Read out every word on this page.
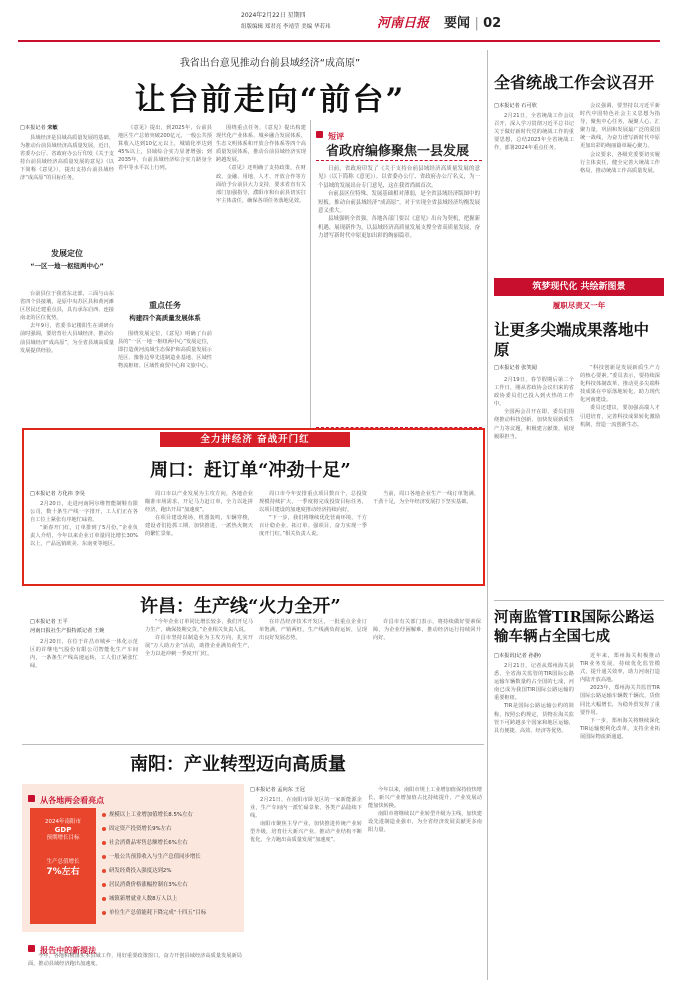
2024年2月22日 星期四
组版编辑 郑君亮 李靖莹 美编 华若玮	河南日报 要闻 | 02
我省出台意见推动台前县域经济“成高原”
让台前走向“前台”
□本报记者 宋敏

县域经济是县域高质量发展的基础。为推动台前县域经济高质量发展，近日，省委办公厅、省政府办公厅印发《关于支持台前县域经济高质量发展的意见》（以下简称《意见》），提出支持台前县域经济“成高原”的目标任务。

发展定位
“一区一地一枢纽两中心”

台前县位于我省东北部，三面与山东省四个县接壤，是原中央苏区县和黄河滩区居民迁建重点县，具有承东启西、连接南北的区位优势。

去年9月，省委书记楼阳生在调研台前时强调，要培育壮大县域经济，推动台前县域经济“成高原”，为全省县域高质量发展提供经验。

《意见》提出，到2025年，台前县地区生产总值突破200亿元，一般公共预算收入达到10亿元以上，城镇化率达到45%以上，县域综合实力显著增强；到2035年，台前县域经济综合实力跻身全省中等水平以上行列。

重点任务
构建四个高质量发展体系

围绕发展定位，《意见》明确了台前县的“一区一地一枢纽两中心”发展定位，即打造黄河流域生态保护和高质量发展示范区、豫鲁边界先进制造业基地、区域性物流枢纽、区域性商贸中心和文旅中心。

围绕重点任务，《意见》提出构建现代化产业体系、城乡融合发展体系、生态文明体系和开放合作体系等四个高质量发展体系，推动台前县域经济实现跨越发展。

《意见》还明确了支持政策，在财政、金融、用地、人才、开放合作等方面给予台前县大力支持，要求省直有关部门加强指导，濮阳市和台前县切实扛牢主体责任，确保各项任务落地见效。

短评
省政府编修聚焦一县发展

日前，省政府印发了《关于支持台前县域经济高质量发展的意见》（以下简称《意见》）。以省委办公厅、省政府办公厅名义，为一个县域的发展出台专门意见，这在我省尚属首次。

台前县区位特殊、发展基础相对薄弱，是全省县域经济版图中的短板。推动台前县域经济“成高原”，对于实现全省县域经济均衡发展意义重大。

县域强则全省强。各地各部门要以《意见》出台为契机，把握新机遇、展现新作为，以县域经济高质量发展支撑全省高质量发展，奋力谱写新时代中原更加出彩的绚丽篇章。

全省统战工作会议召开
□本报记者 石可欣

2月21日，全省统战工作会议召开，深入学习贯彻习近平总书记关于做好新时代党的统战工作的重要思想，总结2023年全省统战工作，部署2024年重点任务。

会议强调，要坚持以习近平新时代中国特色社会主义思想为指导，聚焦中心任务，凝聚人心、汇聚力量，巩固和发展最广泛的爱国统一战线，为奋力谱写新时代中原更加出彩的绚丽篇章凝心聚力。

会议要求，各级党委要切实履行主体责任，健全完善大统战工作格局，推动统战工作高质量发展。

筑梦现代化 共绘新图景
履职尽责又一年
让更多尖端成果落地中原
□本报记者 张笑闻

2月19日，春节假期后第二个工作日，刚从省政协会议归来的省政协委员们已投入到火热的工作中。

全国两会召开在即，委员们围绕推动科技创新、加快发展新质生产力等议题，积极建言献策，展现履职担当。

“科技创新是发展新质生产力的核心要素。”委员表示，要持续深化科技体制改革，推动更多尖端科技成果在中原落地转化，助力现代化河南建设。

委员还建议，要加强高端人才引进培育，完善科技成果转化激励机制，营造一流创新生态。

全力拼经济 奋战开门红
周口：赶订单“冲劲十足”
□本报记者 方化祎 李昊

2月20日，走进河南阿尔维智能制鞋有限公司，数十条生产线一字排开，工人们正在各自工位上紧张有序地忙碌着。

“新春开门红，订单排到了5月份。”企业负责人介绍，今年以来企业订单量同比增长30%以上，产品远销欧美、东南亚等地区。

周口市以产业发展为主攻方向，各地企业瞄准市场需求，开足马力赶订单，全力以赴拼经济，跑出开局“加速度”。

在项目建设现场，机器轰鸣，车辆穿梭，建设者们抢抓工期、加快推进，一派热火朝天的繁忙景象。

周口市今年安排重点项目数百个，总投资规模持续扩大，一季度将完成投资目标任务，以项目建设的加速度推动经济持续向好。

“下一步，我们将继续优化营商环境，千方百计稳企业、拓订单、强项目，奋力实现一季度开门红。”相关负责人说。

当前，周口各地企业生产一线订单饱满、干劲十足，为全年经济发展打下坚实基础。

许昌：生产线“火力全开”
□本报记者 王平
河南日报社生产报特派记者 王婉

2月20日，在位于许昌市城乡一体化示范区的许继电气股份有限公司智能化生产车间内，一条条生产线高速运转，工人们正紧张忙碌。

“今年企业订单同比增长较多，我们开足马力生产，确保按期交货。”企业相关负责人说。

许昌市坚持以制造业为主攻方向，扎实开展“万人助万企”活动，助推企业满负荷生产，全力以赴冲刺一季度开门红。

在许昌经济技术开发区，一批重点企业订单饱满、产销两旺，生产线满负荷运转，呈现出良好发展态势。

许昌市有关部门表示，将持续做好要素保障，为企业纾困解难，推动经济运行持续回升向好。

南阳：产业转型迈向高质量
□本报记者 孟向东 王冠

2月21日，在南阳市卧龙区的一家新能源企业，生产车间内一派忙碌景象，各类产品陆续下线。

南阳市聚焦主导产业，加快推进传统产业转型升级，培育壮大新兴产业，推动产业结构不断优化，全力跑出高质量发展“加速度”。

今年以来，南阳市规上工业增加值保持较快增长，新兴产业增加值占比持续提升，产业发展动能加快转换。

南阳市将继续以产业转型升级为主线，加快建设先进制造业强市，为全省经济发展贡献更多南阳力量。

从各地两会看亮点
2024年南阳市
GDP
预期增长目标
生产总值增长
7%左右
规模以上工业增加值增长8.5%左右
固定资产投资增长9%左右
社会消费品零售总额增长6%左右
一般公共预算收入与生产总值同步增长
研发经费投入强度达到2%
居民消费价格涨幅控制在3%左右
城镇新增就业人数8万人以上
单位生产总值能耗下降完成“十四五”目标
报告中的新提法

今年，各地积极落实本县域工作，用好重要政策窗口，奋力开创县域经济高质量发展新局面，推动县域经济跑出加速度。

河南监管TIR国际公路运输车辆占全国七成
□本报讯(记者 孙静)

2月21日，记者从郑州海关获悉，全省海关监管的TIR国际公路运输车辆数量约占全国的七成，河南已成为我国TIR国际公路运输的重要枢纽。

TIR是国际公路运输公约的简称，按照公约规定，货物在海关监管下可跨越多个国家和地区运输，具有便捷、高效、经济等优势。

近年来，郑州海关积极推动TIR业务发展，持续优化监管模式，提升通关效率，助力河南打造内陆开放高地。

2023年，郑州海关共监管TIR国际公路运输车辆数千辆次，货值同比大幅增长，为稳外贸发挥了重要作用。

下一步，郑州海关将继续深化TIR运输便利化改革，支持企业拓展国际物流新通道。
